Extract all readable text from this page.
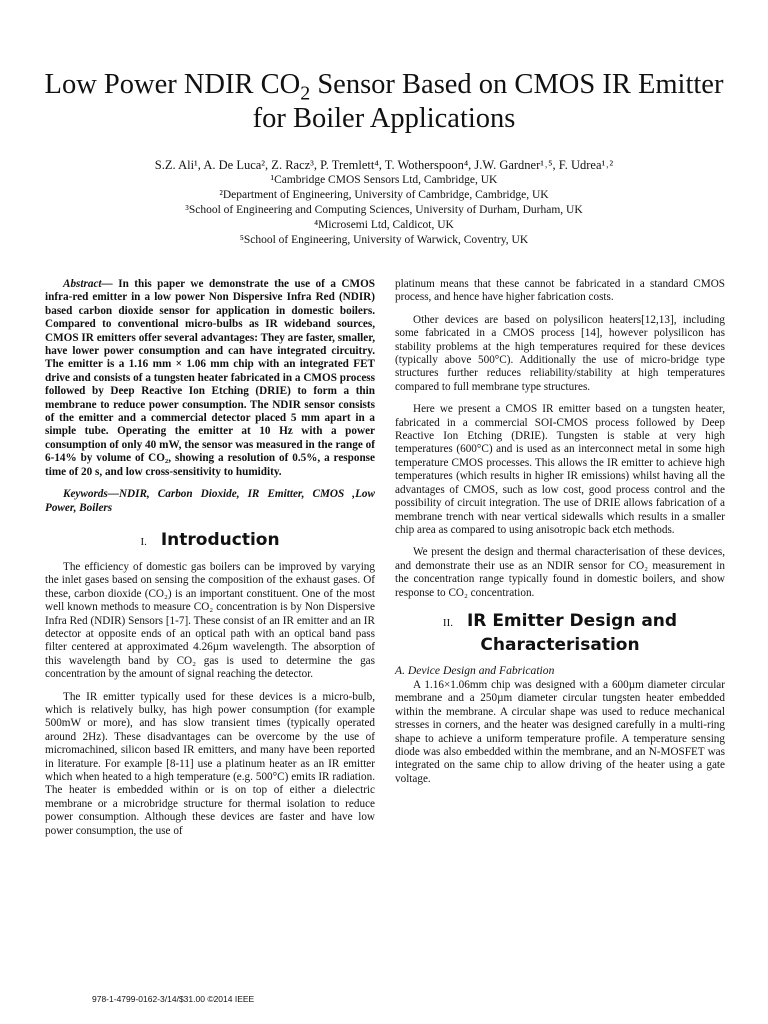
Low Power NDIR $CO_2$ Sensor Based on CMOS IR Emitter for Boiler Applications
S.Z. Ali¹, A. De Luca², Z. Racz³, P. Tremlett⁴, T. Wotherspoon⁴, J.W. Gardner¹˒⁵, F. Udrea¹˒²
¹Cambridge CMOS Sensors Ltd, Cambridge, UK
²Department of Engineering, University of Cambridge, Cambridge, UK
³School of Engineering and Computing Sciences, University of Durham, Durham, UK
⁴Microsemi Ltd, Caldicot, UK
⁵School of Engineering, University of Warwick, Coventry, UK

Abstract— In this paper we demonstrate the use of a CMOS infra-red emitter in a low power Non Dispersive Infra Red (NDIR) based carbon dioxide sensor for application in domestic boilers. Compared to conventional micro-bulbs as IR wideband sources, CMOS IR emitters offer several advantages: They are faster, smaller, have lower power consumption and can have integrated circuitry. The emitter is a 1.16 mm × 1.06 mm chip with an integrated FET drive and consists of a tungsten heater fabricated in a CMOS process followed by Deep Reactive Ion Etching (DRIE) to form a thin membrane to reduce power consumption. The NDIR sensor consists of the emitter and a commercial detector placed 5 mm apart in a simple tube. Operating the emitter at 10 Hz with a power consumption of only 40 mW, the sensor was measured in the range of 6-14% by volume of CO₂, showing a resolution of 0.5%, a response time of 20 s, and low cross-sensitivity to humidity.

Keywords—NDIR, Carbon Dioxide, IR Emitter, CMOS ,Low Power, Boilers

I. Introduction

The efficiency of domestic gas boilers can be improved by varying the inlet gases based on sensing the composition of the exhaust gases. Of these, carbon dioxide (CO₂) is an important constituent. One of the most well known methods to measure CO₂ concentration is by Non Dispersive Infra Red (NDIR) Sensors [1-7]. These consist of an IR emitter and an IR detector at opposite ends of an optical path with an optical band pass filter centered at approximated 4.26µm wavelength. The absorption of this wavelength band by CO₂ gas is used to determine the gas concentration by the amount of signal reaching the detector.

The IR emitter typically used for these devices is a micro-bulb, which is relatively bulky, has high power consumption (for example 500mW or more), and has slow transient times (typically operated around 2Hz). These disadvantages can be overcome by the use of micromachined, silicon based IR emitters, and many have been reported in literature. For example [8-11] use a platinum heater as an IR emitter which when heated to a high temperature (e.g. 500°C) emits IR radiation. The heater is embedded within or is on top of either a dielectric membrane or a microbridge structure for thermal isolation to reduce power consumption. Although these devices are faster and have low power consumption, the use of

platinum means that these cannot be fabricated in a standard CMOS process, and hence have higher fabrication costs.

Other devices are based on polysilicon heaters[12,13], including some fabricated in a CMOS process [14], however polysilicon has stability problems at the high temperatures required for these devices (typically above 500°C). Additionally the use of micro-bridge type structures further reduces reliability/stability at high temperatures compared to full membrane type structures.

Here we present a CMOS IR emitter based on a tungsten heater, fabricated in a commercial SOI-CMOS process followed by Deep Reactive Ion Etching (DRIE). Tungsten is stable at very high temperatures (600°C) and is used as an interconnect metal in some high temperature CMOS processes. This allows the IR emitter to achieve high temperatures (which results in higher IR emissions) whilst having all the advantages of CMOS, such as low cost, good process control and the possibility of circuit integration. The use of DRIE allows fabrication of a membrane trench with near vertical sidewalls which results in a smaller chip area as compared to using anisotropic back etch methods.

We present the design and thermal characterisation of these devices, and demonstrate their use as an NDIR sensor for CO₂ measurement in the concentration range typically found in domestic boilers, and show response to CO₂ concentration.

II. IR Emitter Design and Characterisation
A. Device Design and Fabrication

A 1.16×1.06mm chip was designed with a 600µm diameter circular membrane and a 250µm diameter circular tungsten heater embedded within the membrane. A circular shape was used to reduce mechanical stresses in corners, and the heater was designed carefully in a multi-ring shape to achieve a uniform temperature profile. A temperature sensing diode was also embedded within the membrane, and an N-MOSFET was integrated on the same chip to allow driving of the heater using a gate voltage.

978-1-4799-0162-3/14/$31.00 ©2014 IEEE
